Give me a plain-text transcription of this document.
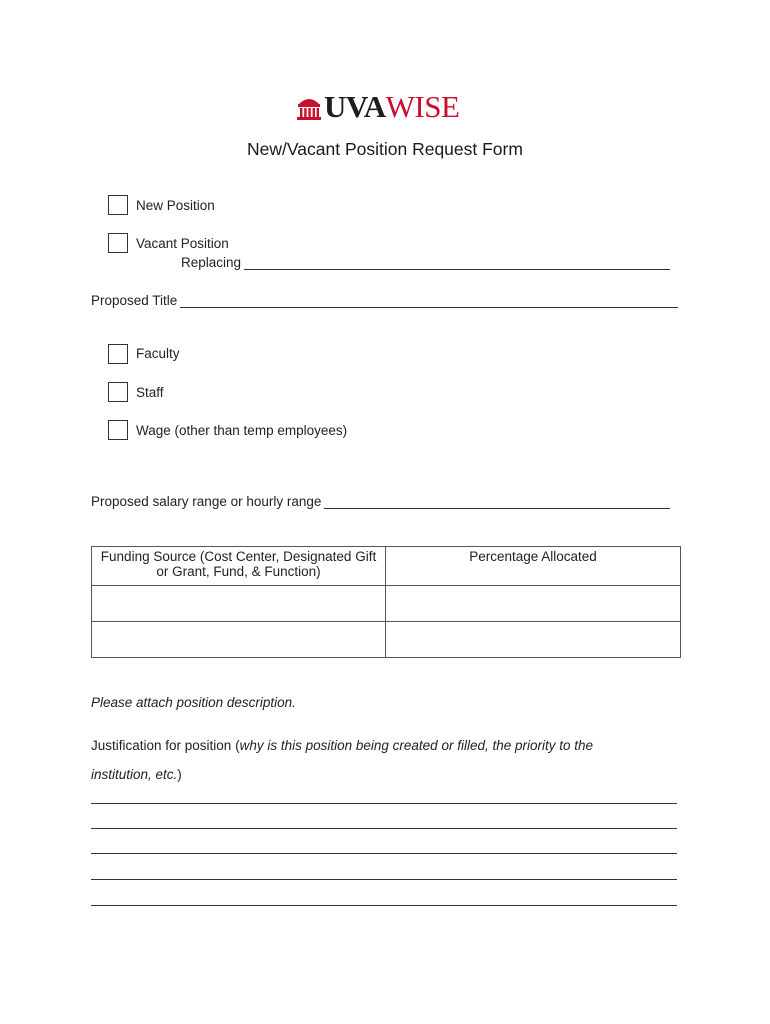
UVA WISE
New/Vacant Position Request Form
New Position
Vacant Position
Replacing
Proposed Title
Faculty
Staff
Wage (other than temp employees)
Proposed salary range or hourly range
Funding Source (Cost Center, Designated Gift or Grant, Fund, & Function)	Percentage Allocated

Please attach position description.
Justification for position (why is this position being created or filled, the priority to the institution, etc.)
